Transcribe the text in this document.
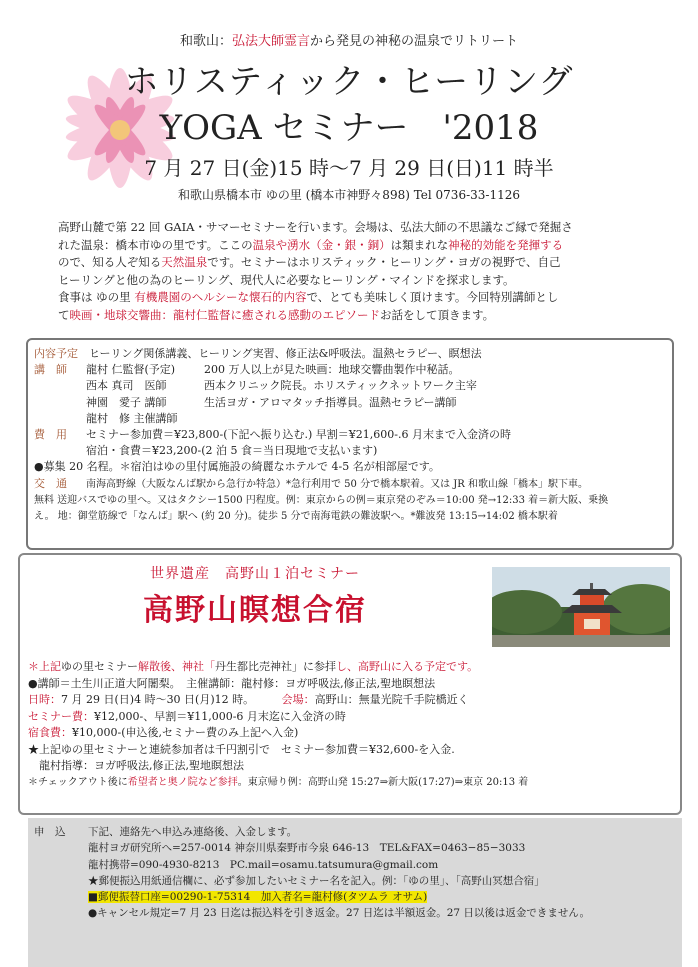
和歌山：弘法大師霊言から発見の神秘の温泉でリトリート
ホリスティック・ヒーリング
YOGA セミナー　'2018
7 月 27 日(金)15 時〜7 月 29 日(日)11 時半
和歌山県橋本市 ゆの里 (橋本市神野々898) Tel 0736-33-1126
高野山麓で第 22 回 GAIA・サマーセミナーを行います。会場は、弘法大師の不思議なご縁で発掘さ
れた温泉：橋本市ゆの里です。ここの温泉や湧水（金・銀・銅）は類まれな神秘的効能を発揮する
ので、知る人ぞ知る天然温泉です。セミナーはホリスティック・ヒーリング・ヨガの視野で、自己
ヒーリングと他の為のヒーリング、現代人に必要なヒーリング・マインドを探求します。
食事は ゆの里 有機農園のヘルシーな懐石的内容で、とても美味しく頂けます。今回特別講師とし
て映画・地球交響曲：龍村仁監督に癒される感動のエピソードお話をして頂きます。
内容予定　 ヒーリング関係講義、ヒーリング実習、修正法&呼吸法。温熱セラピー、瞑想法
講　師 龍村 仁監督(予定)	200 万人以上が見た映画：地球交響曲製作中秘話。
西本 真司　医師	西本クリニック院長。ホリスティックネットワーク主宰
神園　愛子 講師	生活ヨガ・アロマタッチ指導員。温熱セラピー講師
龍村　修 主催講師
費　用 セミナー参加費＝¥23,800-(下記へ振り込む.) 早割＝¥21,600-.6 月末まで入金済の時
宿泊・食費＝¥23,200-(2 泊 5 食＝当日現地で支払います)
●募集 20 名程。＊宿泊はゆの里付属施設の綺麗なホテルで 4-5 名が相部屋です。
交　通 南海高野線（大阪なんば駅から急行か特急）*急行利用で 50 分で橋本駅着。又は JR 和歌山線「橋本」駅下車。
無料 送迎バスでゆの里へ。又はタクシー1500 円程度。例：東京からの例＝東京発のぞみ＝10:00 発→12:33 着＝新大阪、乗換
え。 地：御堂筋線で「なんば」駅へ (約 20 分)。徒歩 5 分で南海電鉄の難波駅へ。*難波発 13:15→14:02 橋本駅着
世界遺産　高野山１泊セミナー
高野山瞑想合宿
＊上記ゆの里セミナー解散後、神社「丹生都比売神社」に参拝し、高野山に入る予定です。
●講師＝土生川正道大阿闍梨。　主催講師：龍村修：ヨガ呼吸法,修正法,聖地瞑想法
日時：7 月 29 日(日)4 時〜30 日(月)12 時。　　　	会場：高野山：無量光院千手院橋近く
セミナー費：¥12,000-、早割＝¥11,000-6 月末迄に入金済の時
宿食費：¥10,000-(申込後,セミナー費のみ上記へ入金)
★上記ゆの里セミナーと連続参加者は千円割引で　セミナー参加費＝¥32,600-を入金.
　龍村指導：ヨガ呼吸法,修正法,聖地瞑想法
＊チェックアウト後に希望者と奥ノ院など参拝。東京帰り例：高野山発 15:27⇒新大阪(17:27)⇒東京 20:13 着
申　込 下記、連絡先へ申込み連絡後、入金します。
龍村ヨガ研究所へ=257-0014 神奈川県秦野市今泉 646-13　TEL&FAX=0463−85−3033
龍村携帯=090-4930-8213　PC.mail=osamu.tatsumura@gmail.com
★郵便振込用紙通信欄に、必ず参加したいセミナー名を記入。例：「ゆの里」、「高野山冥想合宿」
■郵便振替口座=00290-1-75314　加入者名=龍村修(タツムラ オサム)
●キャンセル規定=7 月 23 日迄は振込料を引き返金。27 日迄は半額返金。27 日以後は返金できません。
